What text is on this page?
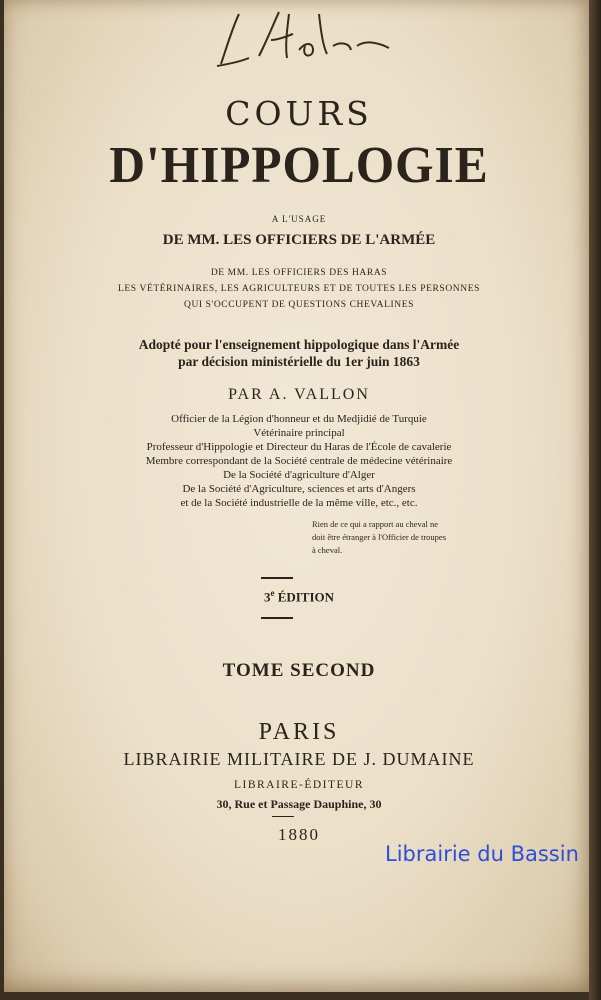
COURS
D'HIPPOLOGIE
A L'USAGE
DE MM. LES OFFICIERS DE L'ARMÉE
DE MM. LES OFFICIERS DES HARAS
LES VÉTÉRINAIRES, LES AGRICULTEURS ET DE TOUTES LES PERSONNES
QUI S'OCCUPENT DE QUESTIONS CHEVALINES
Adopté pour l'enseignement hippologique dans l'Armée
par décision ministérielle du 1er juin 1863
PAR A. VALLON
Officier de la Légion d'honneur et du Medjidié de Turquie
Vétérinaire principal
Professeur d'Hippologie et Directeur du Haras de l'École de cavalerie
Membre correspondant de la Société centrale de médecine vétérinaire
De la Société d'agriculture d'Alger
De la Société d'Agriculture, sciences et arts d'Angers
et de la Société industrielle de la même ville, etc., etc.
Rien de ce qui a rapport au cheval ne
doit être étranger à l'Officier de troupes
à cheval.
3e ÉDITION
TOME SECOND
PARIS
LIBRAIRIE MILITAIRE DE J. DUMAINE
LIBRAIRE-ÉDITEUR
30, Rue et Passage Dauphine, 30
1880
Librairie du Bassin
